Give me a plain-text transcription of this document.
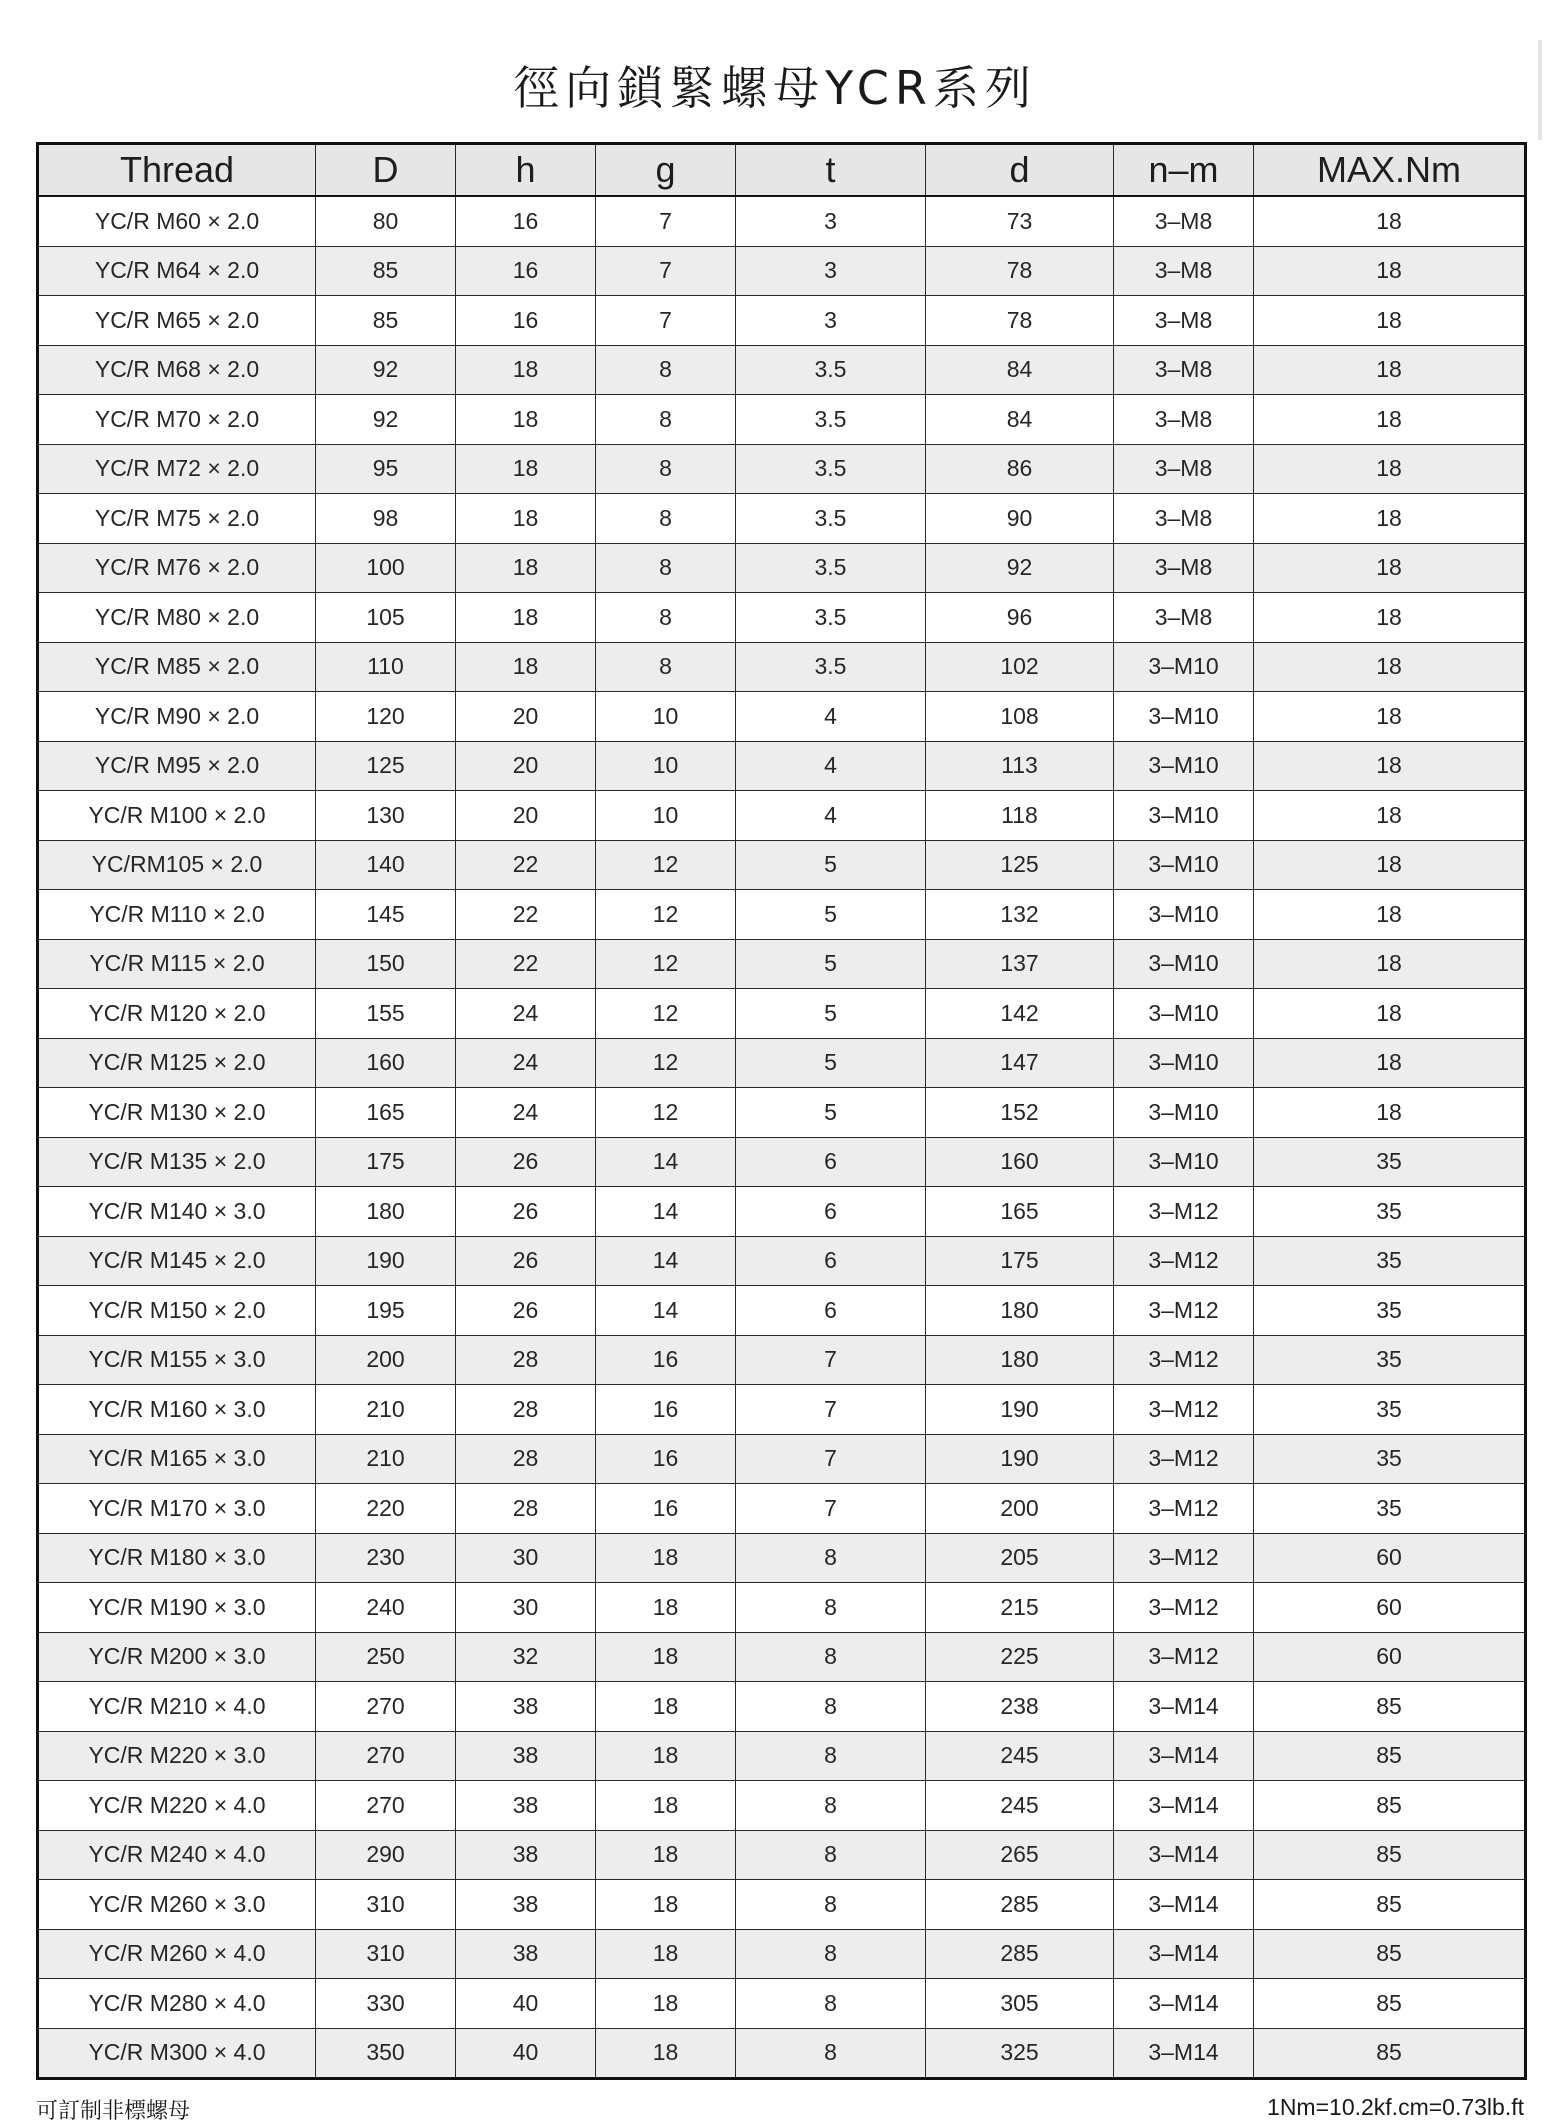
徑向鎖緊螺母YCR系列
Thread	D	h	g	t	d	n–m	MAX.Nm
YC/R M60 × 2.0	80	16	7	3	73	3–M8	18
YC/R M64 × 2.0	85	16	7	3	78	3–M8	18
YC/R M65 × 2.0	85	16	7	3	78	3–M8	18
YC/R M68 × 2.0	92	18	8	3.5	84	3–M8	18
YC/R M70 × 2.0	92	18	8	3.5	84	3–M8	18
YC/R M72 × 2.0	95	18	8	3.5	86	3–M8	18
YC/R M75 × 2.0	98	18	8	3.5	90	3–M8	18
YC/R M76 × 2.0	100	18	8	3.5	92	3–M8	18
YC/R M80 × 2.0	105	18	8	3.5	96	3–M8	18
YC/R M85 × 2.0	110	18	8	3.5	102	3–M10	18
YC/R M90 × 2.0	120	20	10	4	108	3–M10	18
YC/R M95 × 2.0	125	20	10	4	113	3–M10	18
YC/R M100 × 2.0	130	20	10	4	118	3–M10	18
YC/RM105 × 2.0	140	22	12	5	125	3–M10	18
YC/R M110 × 2.0	145	22	12	5	132	3–M10	18
YC/R M115 × 2.0	150	22	12	5	137	3–M10	18
YC/R M120 × 2.0	155	24	12	5	142	3–M10	18
YC/R M125 × 2.0	160	24	12	5	147	3–M10	18
YC/R M130 × 2.0	165	24	12	5	152	3–M10	18
YC/R M135 × 2.0	175	26	14	6	160	3–M10	35
YC/R M140 × 3.0	180	26	14	6	165	3–M12	35
YC/R M145 × 2.0	190	26	14	6	175	3–M12	35
YC/R M150 × 2.0	195	26	14	6	180	3–M12	35
YC/R M155 × 3.0	200	28	16	7	180	3–M12	35
YC/R M160 × 3.0	210	28	16	7	190	3–M12	35
YC/R M165 × 3.0	210	28	16	7	190	3–M12	35
YC/R M170 × 3.0	220	28	16	7	200	3–M12	35
YC/R M180 × 3.0	230	30	18	8	205	3–M12	60
YC/R M190 × 3.0	240	30	18	8	215	3–M12	60
YC/R M200 × 3.0	250	32	18	8	225	3–M12	60
YC/R M210 × 4.0	270	38	18	8	238	3–M14	85
YC/R M220 × 3.0	270	38	18	8	245	3–M14	85
YC/R M220 × 4.0	270	38	18	8	245	3–M14	85
YC/R M240 × 4.0	290	38	18	8	265	3–M14	85
YC/R M260 × 3.0	310	38	18	8	285	3–M14	85
YC/R M260 × 4.0	310	38	18	8	285	3–M14	85
YC/R M280 × 4.0	330	40	18	8	305	3–M14	85
YC/R M300 × 4.0	350	40	18	8	325	3–M14	85
可訂制非標螺母	1Nm=10.2kf.cm=0.73lb.ft
